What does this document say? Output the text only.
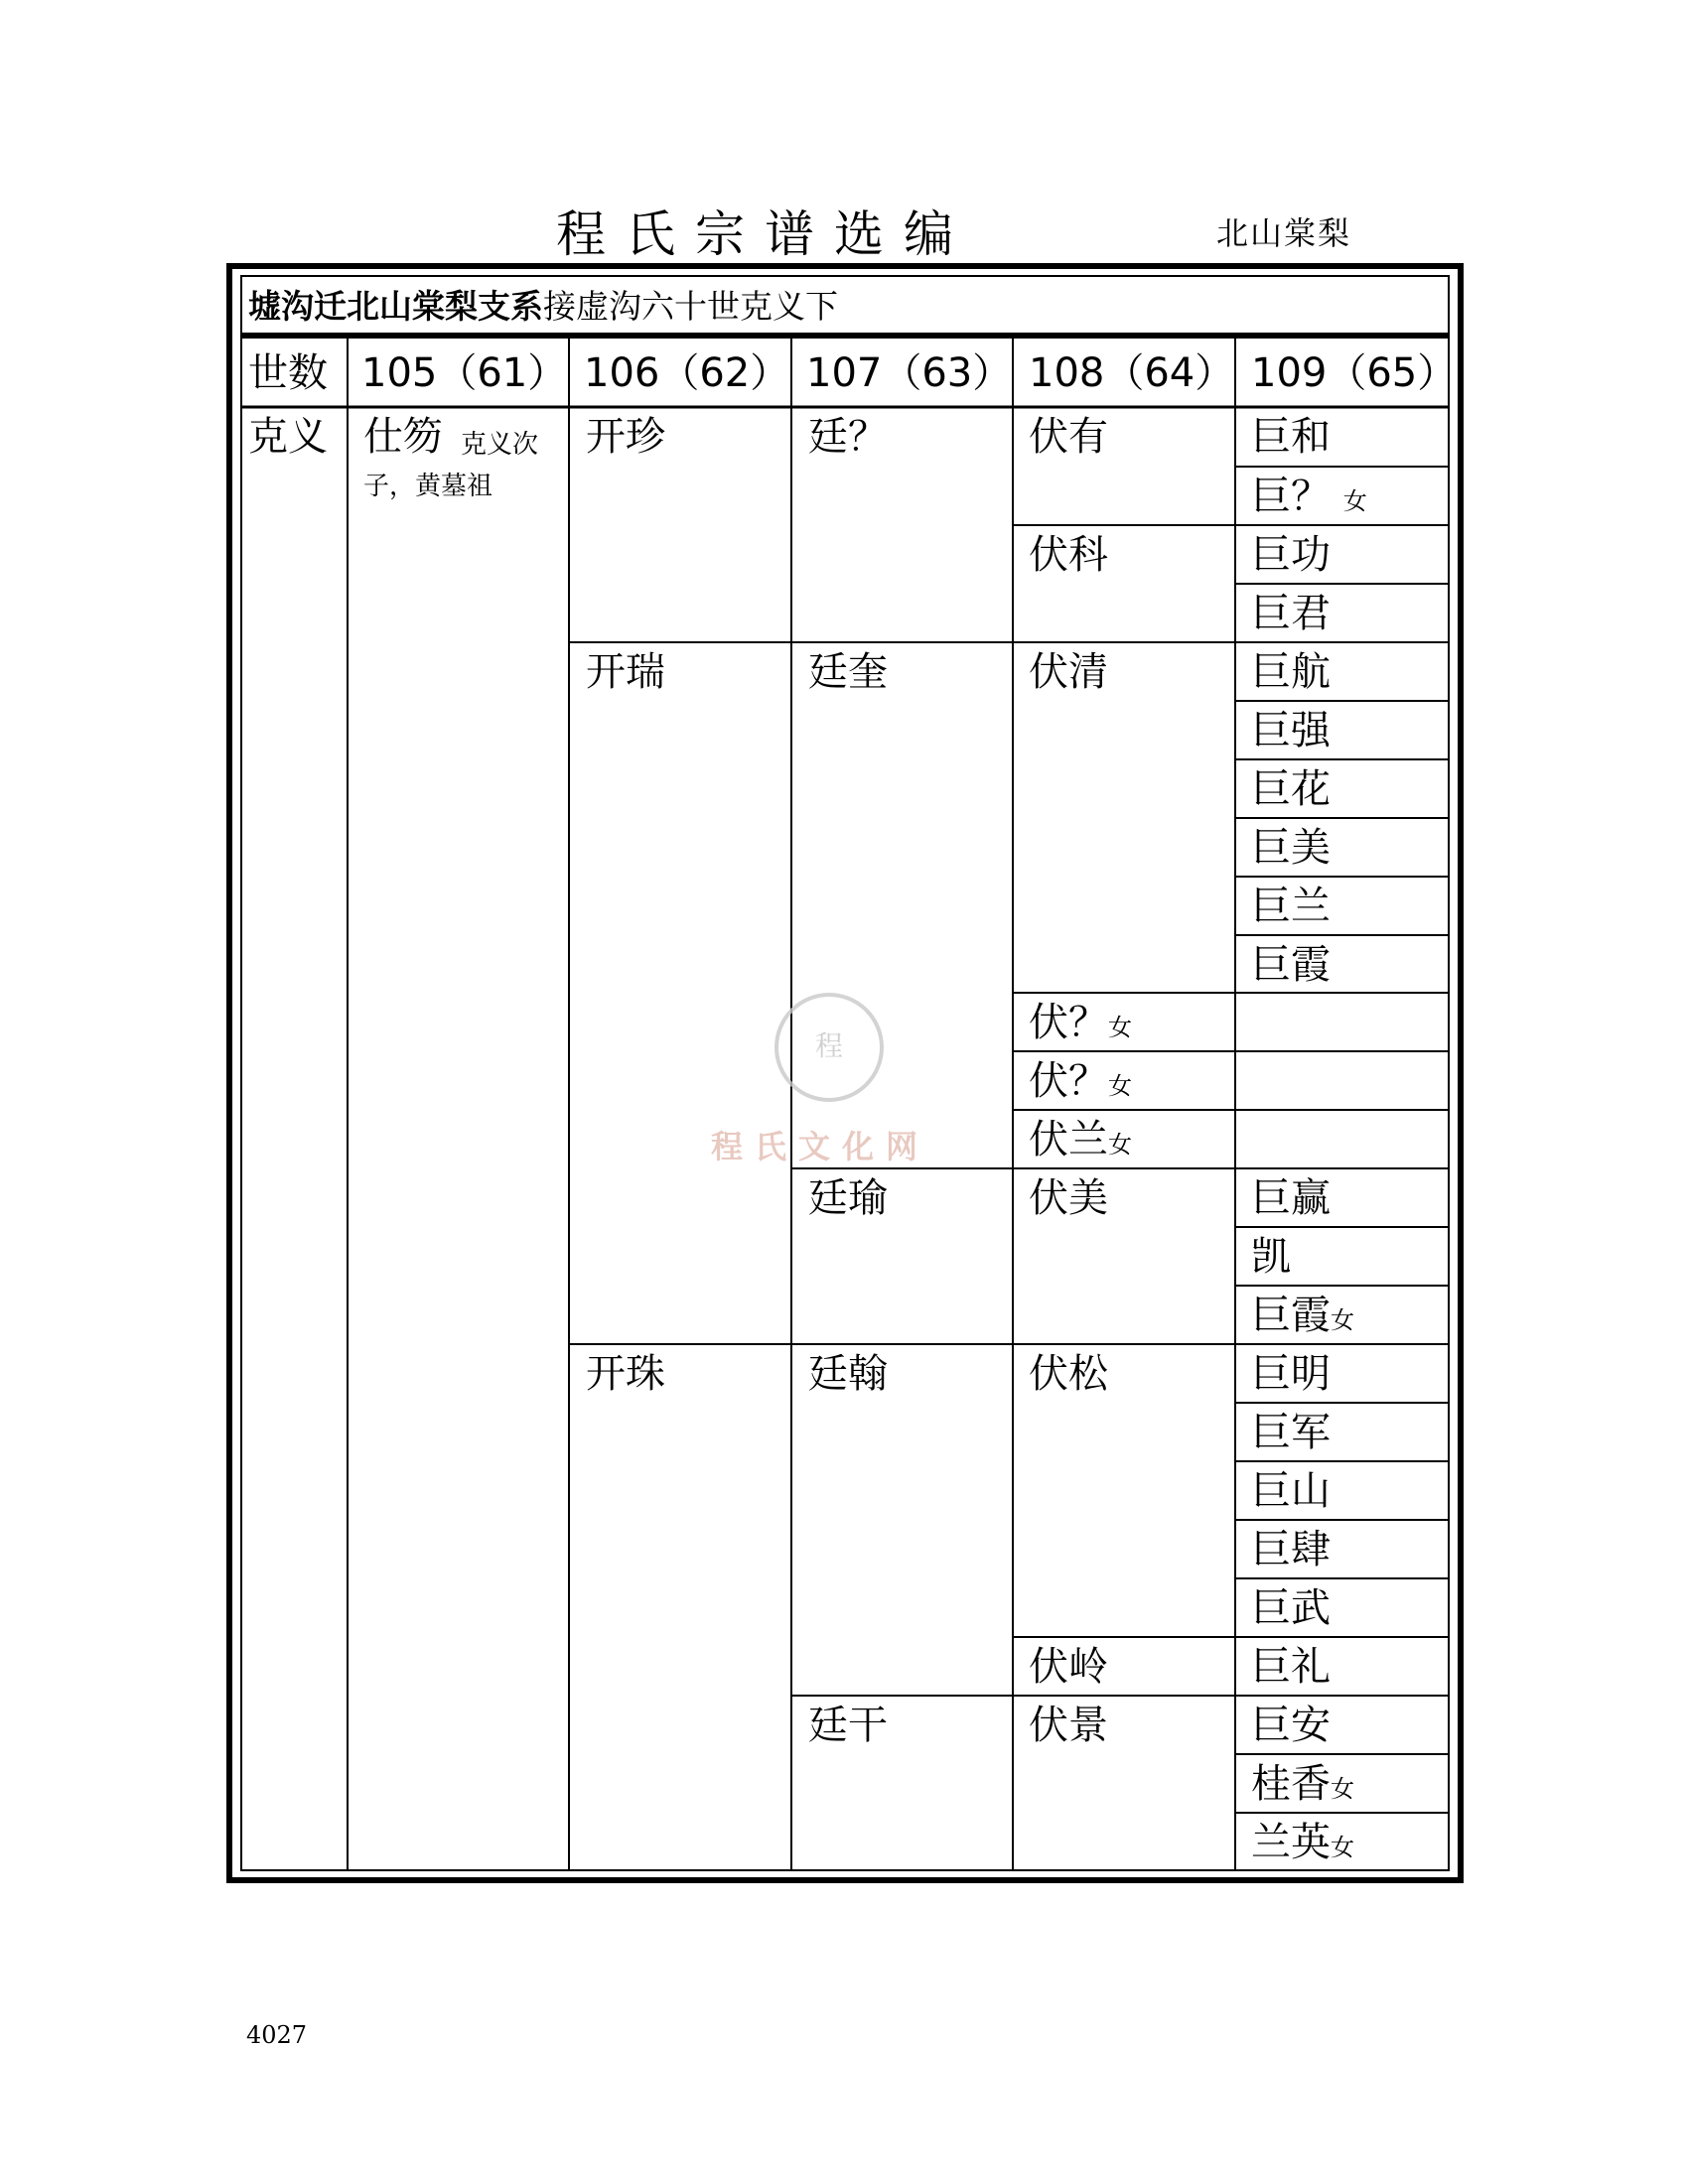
程氏宗谱选编	北山棠梨
墟沟迁北山棠梨支系 接虚沟六十世克义下
世数 105（61） 106（62） 107（63） 108（64） 109（65）
克义 仕笏 克义次
子，黄墓祖
开珍
开瑞
开珠
廷？
廷奎
廷瑜
廷翰
廷干
伏有
伏科
伏清
伏？女
伏？女
伏兰女
伏美
伏松
伏岭
伏景
巨和
巨？ 女
巨功
巨君
巨航
巨强
巨花
巨美
巨兰
巨霞
巨赢
凯
巨霞女
巨明
巨军
巨山
巨肆
巨武
巨礼
巨安
桂香女
兰英女
程
程氏文化网
4027
